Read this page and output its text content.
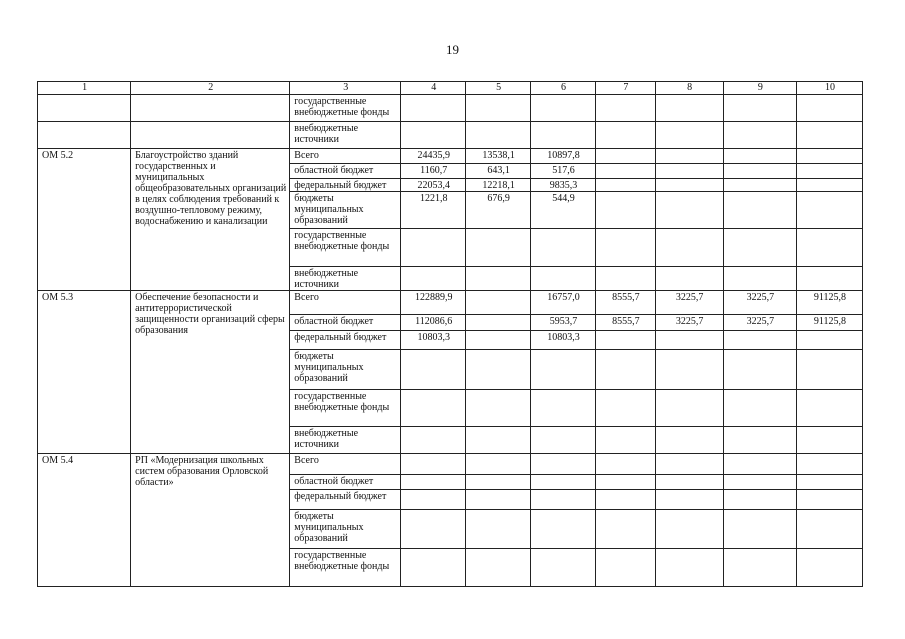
19
1	2	3	4	5	6	7	8	9	10
		государственные внебюджетные фонды							
		внебюджетные источники							
ОМ 5.2	Благоустройство зданий государственных и муниципальных общеобразовательных организаций в целях соблюдения требований к воздушно-тепловому режиму, водоснабжению и канализации	Всего	24435,9	13538,1	10897,8				
		областной бюджет	1160,7	643,1	517,6				
		федеральный бюджет	22053,4	12218,1	9835,3				
		бюджеты муниципальных образований	1221,8	676,9	544,9				
		государственные внебюджетные фонды							
		внебюджетные источники							
ОМ 5.3	Обеспечение безопасности и антитеррористической защищенности организаций сферы образования	Всего	122889,9		16757,0	8555,7	3225,7	3225,7	91125,8
		областной бюджет	112086,6		5953,7	8555,7	3225,7	3225,7	91125,8
		федеральный бюджет	10803,3		10803,3				
		бюджеты муниципальных образований							
		государственные внебюджетные фонды							
		внебюджетные источники							
ОМ 5.4	РП «Модернизация школьных систем образования Орловской области»	Всего							
		областной бюджет							
		федеральный бюджет							
		бюджеты муниципальных образований							
		государственные внебюджетные фонды							
